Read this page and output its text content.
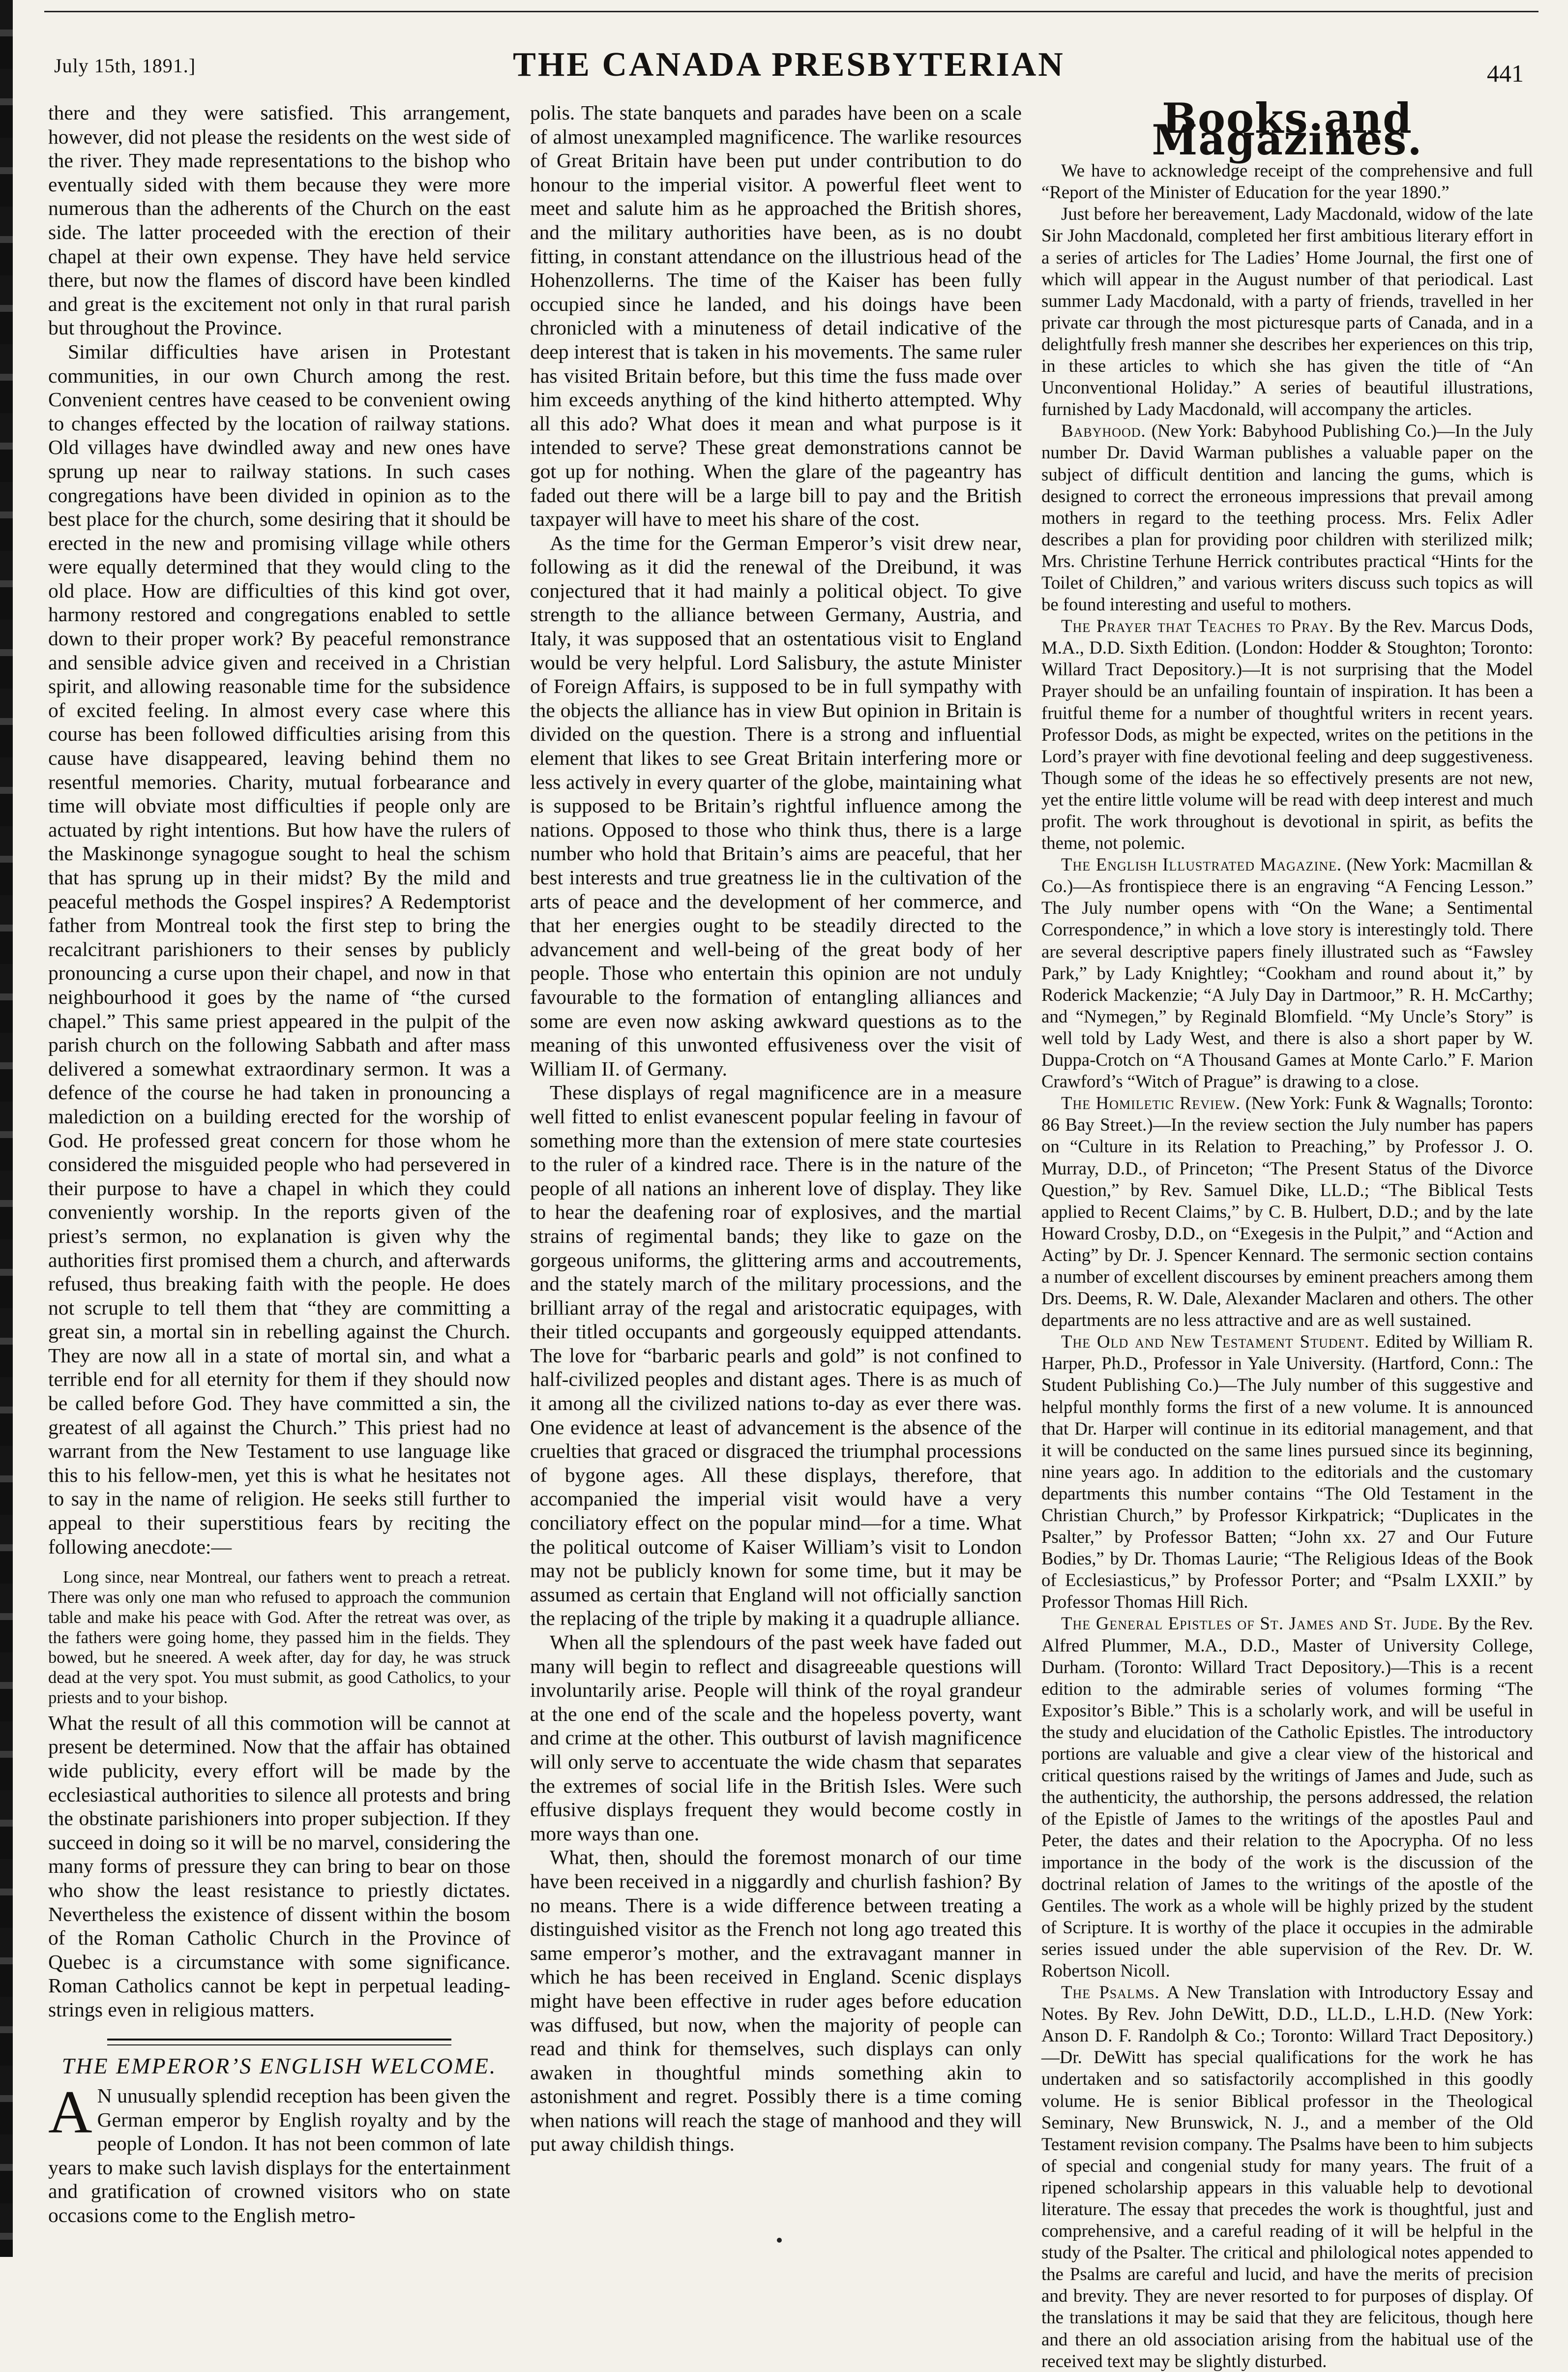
July 15th, 1891.]	THE CANADA PRESBYTERIAN	441

there and they were satisfied. This arrangement, however, did not please the residents on the west side of the river. They made representations to the bishop who eventually sided with them because they were more numerous than the adherents of the Church on the east side. The latter proceeded with the erection of their chapel at their own expense. They have held service there, but now the flames of discord have been kindled and great is the excitement not only in that rural parish but throughout the Province.

Similar difficulties have arisen in Protestant communities, in our own Church among the rest. Convenient centres have ceased to be convenient owing to changes effected by the location of railway stations. Old villages have dwindled away and new ones have sprung up near to railway stations. In such cases congregations have been divided in opinion as to the best place for the church, some desiring that it should be erected in the new and promising village while others were equally determined that they would cling to the old place. How are difficulties of this kind got over, harmony restored and congregations enabled to settle down to their proper work? By peaceful remonstrance and sensible advice given and received in a Christian spirit, and allowing reasonable time for the subsidence of excited feeling. In almost every case where this course has been followed difficulties arising from this cause have disappeared, leaving behind them no resentful memories. Charity, mutual forbearance and time will obviate most difficulties if people only are actuated by right intentions. But how have the rulers of the Maskinonge synagogue sought to heal the schism that has sprung up in their midst? By the mild and peaceful methods the Gospel inspires? A Redemptorist father from Montreal took the first step to bring the recalcitrant parishioners to their senses by publicly pronouncing a curse upon their chapel, and now in that neighbourhood it goes by the name of “the cursed chapel.” This same priest appeared in the pulpit of the parish church on the following Sabbath and after mass delivered a somewhat extraordinary sermon. It was a defence of the course he had taken in pronouncing a malediction on a building erected for the worship of God. He professed great concern for those whom he considered the misguided people who had persevered in their purpose to have a chapel in which they could conveniently worship. In the reports given of the priest’s sermon, no explanation is given why the authorities first promised them a church, and afterwards refused, thus breaking faith with the people. He does not scruple to tell them that “they are committing a great sin, a mortal sin in rebelling against the Church. They are now all in a state of mortal sin, and what a terrible end for all eternity for them if they should now be called before God. They have committed a sin, the greatest of all against the Church.” This priest had no warrant from the New Testament to use language like this to his fellow-men, yet this is what he hesitates not to say in the name of religion. He seeks still further to appeal to their superstitious fears by reciting the following anecdote:—

Long since, near Montreal, our fathers went to preach a retreat. There was only one man who refused to approach the communion table and make his peace with God. After the retreat was over, as the fathers were going home, they passed him in the fields. They bowed, but he sneered. A week after, day for day, he was struck dead at the very spot. You must submit, as good Catholics, to your priests and to your bishop.

What the result of all this commotion will be cannot at present be determined. Now that the affair has obtained wide publicity, every effort will be made by the ecclesiastical authorities to silence all protests and bring the obstinate parishioners into proper subjection. If they succeed in doing so it will be no marvel, considering the many forms of pressure they can bring to bear on those who show the least resistance to priestly dictates. Nevertheless the existence of dissent within the bosom of the Roman Catholic Church in the Province of Quebec is a circumstance with some significance. Roman Catholics cannot be kept in perpetual leading-strings even in religious matters.

THE EMPEROR’S ENGLISH WELCOME.

A N unusually splendid reception has been given the German emperor by English royalty and by the people of London. It has not been common of late years to make such lavish displays for the entertainment and gratification of crowned visitors who on state occasions come to the English metro-

polis. The state banquets and parades have been on a scale of almost unexampled magnificence. The warlike resources of Great Britain have been put under contribution to do honour to the imperial visitor. A powerful fleet went to meet and salute him as he approached the British shores, and the military authorities have been, as is no doubt fitting, in constant attendance on the illustrious head of the Hohenzollerns. The time of the Kaiser has been fully occupied since he landed, and his doings have been chronicled with a minuteness of detail indicative of the deep interest that is taken in his movements. The same ruler has visited Britain before, but this time the fuss made over him exceeds anything of the kind hitherto attempted. Why all this ado? What does it mean and what purpose is it intended to serve? These great demonstrations cannot be got up for nothing. When the glare of the pageantry has faded out there will be a large bill to pay and the British taxpayer will have to meet his share of the cost.

As the time for the German Emperor’s visit drew near, following as it did the renewal of the Dreibund, it was conjectured that it had mainly a political object. To give strength to the alliance between Germany, Austria, and Italy, it was supposed that an ostentatious visit to England would be very helpful. Lord Salisbury, the astute Minister of Foreign Affairs, is supposed to be in full sympathy with the objects the alliance has in view But opinion in Britain is divided on the question. There is a strong and influential element that likes to see Great Britain interfering more or less actively in every quarter of the globe, maintaining what is supposed to be Britain’s rightful influence among the nations. Opposed to those who think thus, there is a large number who hold that Britain’s aims are peaceful, that her best interests and true greatness lie in the cultivation of the arts of peace and the development of her commerce, and that her energies ought to be steadily directed to the advancement and well-being of the great body of her people. Those who entertain this opinion are not unduly favourable to the formation of entangling alliances and some are even now asking awkward questions as to the meaning of this unwonted effusiveness over the visit of William II. of Germany.

These displays of regal magnificence are in a measure well fitted to enlist evanescent popular feeling in favour of something more than the extension of mere state courtesies to the ruler of a kindred race. There is in the nature of the people of all nations an inherent love of display. They like to hear the deafening roar of explosives, and the martial strains of regimental bands; they like to gaze on the gorgeous uniforms, the glittering arms and accoutrements, and the stately march of the military processions, and the brilliant array of the regal and aristocratic equipages, with their titled occupants and gorgeously equipped attendants. The love for “barbaric pearls and gold” is not confined to half-civilized peoples and distant ages. There is as much of it among all the civilized nations to-day as ever there was. One evidence at least of advancement is the absence of the cruelties that graced or disgraced the triumphal processions of bygone ages. All these displays, therefore, that accompanied the imperial visit would have a very conciliatory effect on the popular mind—for a time. What the political outcome of Kaiser William’s visit to London may not be publicly known for some time, but it may be assumed as certain that England will not officially sanction the replacing of the triple by making it a quadruple alliance.

When all the splendours of the past week have faded out many will begin to reflect and disagreeable questions will involuntarily arise. People will think of the royal grandeur at the one end of the scale and the hopeless poverty, want and crime at the other. This outburst of lavish magnificence will only serve to accentuate the wide chasm that separates the extremes of social life in the British Isles. Were such effusive displays frequent they would become costly in more ways than one.

What, then, should the foremost monarch of our time have been received in a niggardly and churlish fashion? By no means. There is a wide difference between treating a distinguished visitor as the French not long ago treated this same emperor’s mother, and the extravagant manner in which he has been received in England. Scenic displays might have been effective in ruder ages before education was diffused, but now, when the majority of people can read and think for themselves, such displays can only awaken in thoughtful minds something akin to astonishment and regret. Possibly there is a time coming when nations will reach the stage of manhood and they will put away childish things.

Books and Magazines.

We have to acknowledge receipt of the comprehensive and full “Report of the Minister of Education for the year 1890.”

Just before her bereavement, Lady Macdonald, widow of the late Sir John Macdonald, completed her first ambitious literary effort in a series of articles for The Ladies’ Home Journal, the first one of which will appear in the August number of that periodical. Last summer Lady Macdonald, with a party of friends, travelled in her private car through the most picturesque parts of Canada, and in a delightfully fresh manner she describes her experiences on this trip, in these articles to which she has given the title of “An Unconventional Holiday.” A series of beautiful illustrations, furnished by Lady Macdonald, will accompany the articles.

Babyhood. (New York: Babyhood Publishing Co.)—In the July number Dr. David Warman publishes a valuable paper on the subject of difficult dentition and lancing the gums, which is designed to correct the erroneous impressions that prevail among mothers in regard to the teething process. Mrs. Felix Adler describes a plan for providing poor children with sterilized milk; Mrs. Christine Terhune Herrick contributes practical “Hints for the Toilet of Children,” and various writers discuss such topics as will be found interesting and useful to mothers.

The Prayer that Teaches to Pray. By the Rev. Marcus Dods, M.A., D.D. Sixth Edition. (London: Hodder & Stoughton; Toronto: Willard Tract Depository.)—It is not surprising that the Model Prayer should be an unfailing fountain of inspiration. It has been a fruitful theme for a number of thoughtful writers in recent years. Professor Dods, as might be expected, writes on the petitions in the Lord’s prayer with fine devotional feeling and deep suggestiveness. Though some of the ideas he so effectively presents are not new, yet the entire little volume will be read with deep interest and much profit. The work throughout is devotional in spirit, as befits the theme, not polemic.

The English Illustrated Magazine. (New York: Macmillan & Co.)—As frontispiece there is an engraving “A Fencing Lesson.” The July number opens with “On the Wane; a Sentimental Correspondence,” in which a love story is interestingly told. There are several descriptive papers finely illustrated such as “Fawsley Park,” by Lady Knightley; “Cookham and round about it,” by Roderick Mackenzie; “A July Day in Dartmoor,” R. H. McCarthy; and “Nymegen,” by Reginald Blomfield. “My Uncle’s Story” is well told by Lady West, and there is also a short paper by W. Duppa-Crotch on “A Thousand Games at Monte Carlo.” F. Marion Crawford’s “Witch of Prague” is drawing to a close.

The Homiletic Review. (New York: Funk & Wagnalls; Toronto: 86 Bay Street.)—In the review section the July number has papers on “Culture in its Relation to Preaching,” by Professor J. O. Murray, D.D., of Princeton; “The Present Status of the Divorce Question,” by Rev. Samuel Dike, LL.D.; “The Biblical Tests applied to Recent Claims,” by C. B. Hulbert, D.D.; and by the late Howard Crosby, D.D., on “Exegesis in the Pulpit,” and “Action and Acting” by Dr. J. Spencer Kennard. The sermonic section contains a number of excellent discourses by eminent preachers among them Drs. Deems, R. W. Dale, Alexander Maclaren and others. The other departments are no less attractive and are as well sustained.

The Old and New Testament Student. Edited by William R. Harper, Ph.D., Professor in Yale University. (Hartford, Conn.: The Student Publishing Co.)—The July number of this suggestive and helpful monthly forms the first of a new volume. It is announced that Dr. Harper will continue in its editorial management, and that it will be conducted on the same lines pursued since its beginning, nine years ago. In addition to the editorials and the customary departments this number contains “The Old Testament in the Christian Church,” by Professor Kirkpatrick; “Duplicates in the Psalter,” by Professor Batten; “John xx. 27 and Our Future Bodies,” by Dr. Thomas Laurie; “The Religious Ideas of the Book of Ecclesiasticus,” by Professor Porter; and “Psalm LXXII.” by Professor Thomas Hill Rich.

The General Epistles of St. James and St. Jude. By the Rev. Alfred Plummer, M.A., D.D., Master of University College, Durham. (Toronto: Willard Tract Depository.)—This is a recent edition to the admirable series of volumes forming “The Expositor’s Bible.” This is a scholarly work, and will be useful in the study and elucidation of the Catholic Epistles. The introductory portions are valuable and give a clear view of the historical and critical questions raised by the writings of James and Jude, such as the authenticity, the authorship, the persons addressed, the relation of the Epistle of James to the writings of the apostles Paul and Peter, the dates and their relation to the Apocrypha. Of no less importance in the body of the work is the discussion of the doctrinal relation of James to the writings of the apostle of the Gentiles. The work as a whole will be highly prized by the student of Scripture. It is worthy of the place it occupies in the admirable series issued under the able supervision of the Rev. Dr. W. Robertson Nicoll.

The Psalms. A New Translation with Introductory Essay and Notes. By Rev. John DeWitt, D.D., LL.D., L.H.D. (New York: Anson D. F. Randolph & Co.; Toronto: Willard Tract Depository.)—Dr. DeWitt has special qualifications for the work he has undertaken and so satisfactorily accomplished in this goodly volume. He is senior Biblical professor in the Theological Seminary, New Brunswick, N. J., and a member of the Old Testament revision company. The Psalms have been to him subjects of special and congenial study for many years. The fruit of a ripened scholarship appears in this valuable help to devotional literature. The essay that precedes the work is thoughtful, just and comprehensive, and a careful reading of it will be helpful in the study of the Psalter. The critical and philological notes appended to the Psalms are careful and lucid, and have the merits of precision and brevity. They are never resorted to for purposes of display. Of the translations it may be said that they are felicitous, though here and there an old association arising from the habitual use of the received text may be slightly disturbed.
